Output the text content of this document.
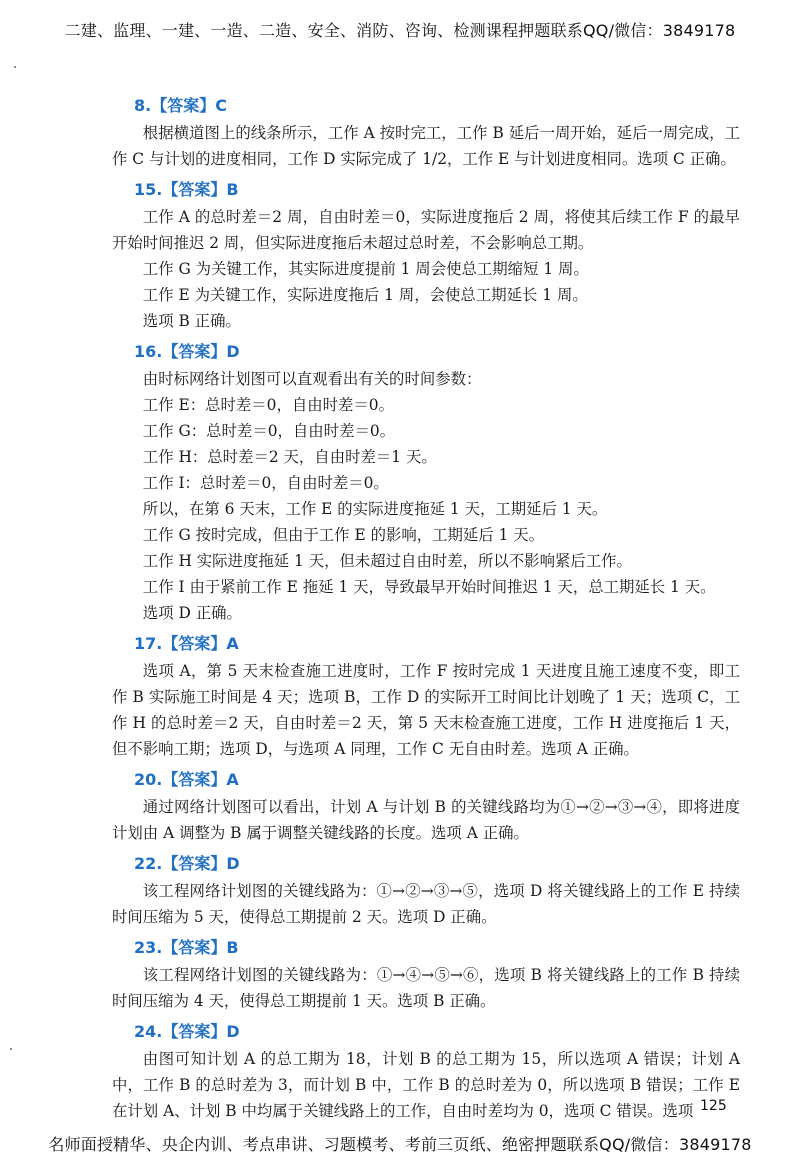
二建、监理、一建、一造、二造、安全、消防、咨询、检测课程押题联系QQ/微信：3849178
8.【答案】C

根据横道图上的线条所示，工作 A 按时完工，工作 B 延后一周开始，延后一周完成，工作 C 与计划的进度相同，工作 D 实际完成了 1/2，工作 E 与计划进度相同。选项 C 正确。

15.【答案】B

工作 A 的总时差＝2 周，自由时差＝0，实际进度拖后 2 周，将使其后续工作 F 的最早开始时间推迟 2 周，但实际进度拖后未超过总时差，不会影响总工期。

工作 G 为关键工作，其实际进度提前 1 周会使总工期缩短 1 周。

工作 E 为关键工作，实际进度拖后 1 周，会使总工期延长 1 周。

选项 B 正确。

16.【答案】D

由时标网络计划图可以直观看出有关的时间参数：

工作 E：总时差＝0，自由时差＝0。

工作 G：总时差＝0，自由时差＝0。

工作 H：总时差＝2 天，自由时差＝1 天。

工作 I：总时差＝0，自由时差＝0。

所以，在第 6 天末，工作 E 的实际进度拖延 1 天，工期延后 1 天。

工作 G 按时完成，但由于工作 E 的影响，工期延后 1 天。

工作 H 实际进度拖延 1 天，但未超过自由时差，所以不影响紧后工作。

工作 I 由于紧前工作 E 拖延 1 天，导致最早开始时间推迟 1 天，总工期延长 1 天。

选项 D 正确。

17.【答案】A

选项 A，第 5 天末检查施工进度时，工作 F 按时完成 1 天进度且施工速度不变，即工作 B 实际施工时间是 4 天；选项 B，工作 D 的实际开工时间比计划晚了 1 天；选项 C，工作 H 的总时差＝2 天，自由时差＝2 天，第 5 天末检查施工进度，工作 H 进度拖后 1 天，但不影响工期；选项 D，与选项 A 同理，工作 C 无自由时差。选项 A 正确。

20.【答案】A

通过网络计划图可以看出，计划 A 与计划 B 的关键线路均为①→②→③→④，即将进度计划由 A 调整为 B 属于调整关键线路的长度。选项 A 正确。

22.【答案】D

该工程网络计划图的关键线路为：①→②→③→⑤，选项 D 将关键线路上的工作 E 持续时间压缩为 5 天，使得总工期提前 2 天。选项 D 正确。

23.【答案】B

该工程网络计划图的关键线路为：①→④→⑤→⑥，选项 B 将关键线路上的工作 B 持续时间压缩为 4 天，使得总工期提前 1 天。选项 B 正确。

24.【答案】D

由图可知计划 A 的总工期为 18，计划 B 的总工期为 15，所以选项 A 错误；计划 A 中，工作 B 的总时差为 3，而计划 B 中，工作 B 的总时差为 0，所以选项 B 错误；工作 E 在计划 A、计划 B 中均属于关键线路上的工作，自由时差均为 0，选项 C 错误。选项 125
名师面授精华、央企内训、考点串讲、习题模考、考前三页纸、绝密押题联系QQ/微信：3849178
